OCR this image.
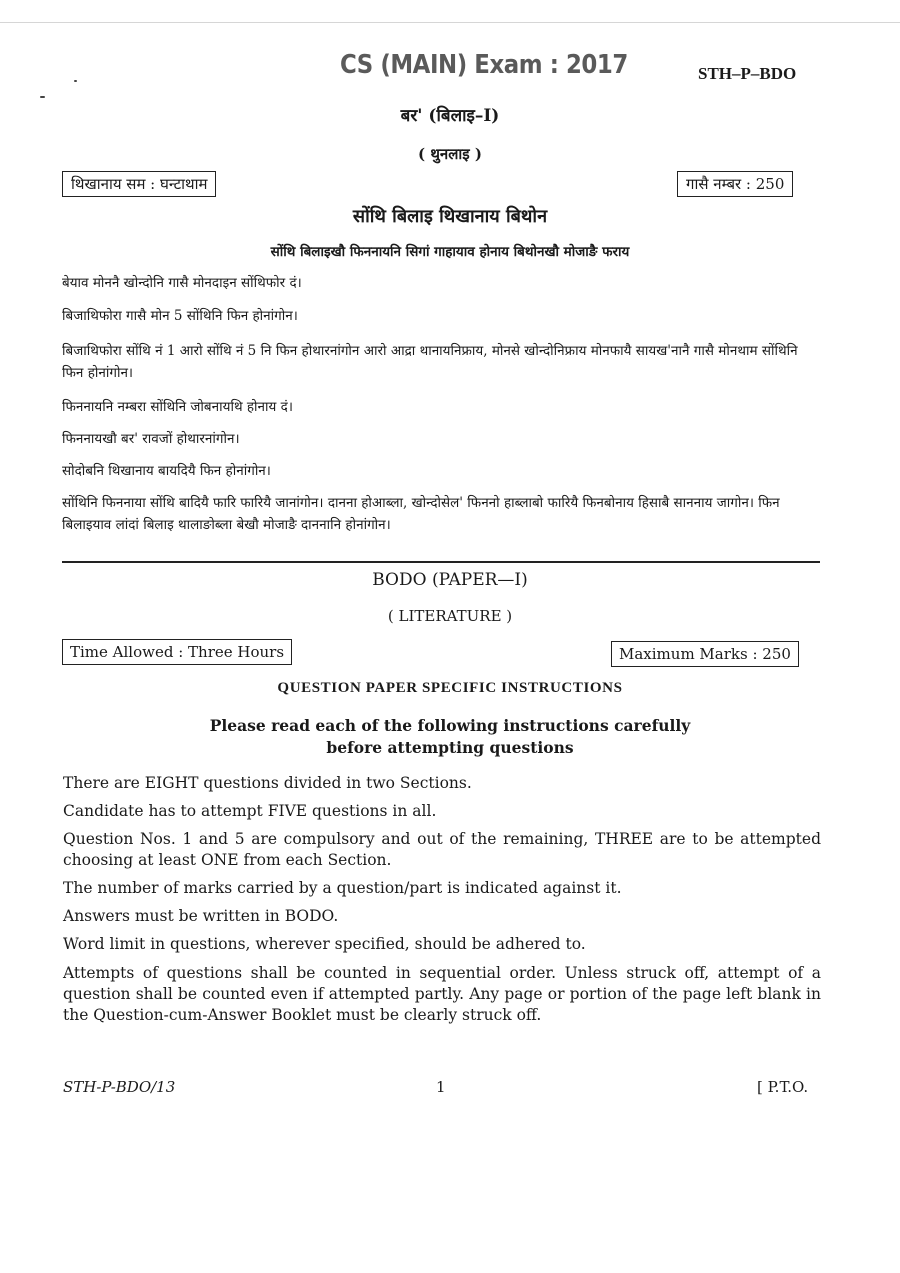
CS (MAIN) Exam : 2017	STH–P–BDO
बर' (बिलाइ–I)
( थुनलाइ )
थिखानाय सम : घन्टाथाम	गासै नम्बर : 250
सोंथि बिलाइ थिखानाय बिथोन
सोंथि बिलाइखौ फिननायनि सिगां गाहायाव होनाय बिथोनखौ मोजाङै फराय

बेयाव मोननै खोन्दोनि गासै मोनदाइन सोंथिफोर दं।

बिजाथिफोरा गासै मोन 5 सोंथिनि फिन होनांगोन।

बिजाथिफोरा सोंथि नं 1 आरो सोंथि नं 5 नि फिन होथारनांगोन आरो आद्रा थानायनिफ्राय, मोनसे खोन्दोनिफ्राय मोनफायै सायख'नानै गासै मोनथाम सोंथिनि फिन होनांगोन।

फिननायनि नम्बरा सोंथिनि जोबनायथि होनाय दं।

फिननायखौ बर' रावजों होथारनांगोन।

सोदोबनि थिखानाय बायदियै फिन होनांगोन।

सोंथिनि फिननाया सोंथि बादियै फारि फारियै जानांगोन। दानना होआब्ला, खोन्दोसेल' फिननो हाब्लाबो फारियै फिनबोनाय हिसाबै साननाय जागोन। फिन बिलाइयाव लांदां बिलाइ थालाङोब्ला बेखौ मोजाङै दाननानि होनांगोन।

BODO (PAPER—I)
( LITERATURE )
Time Allowed : Three Hours	Maximum Marks : 250
QUESTION PAPER SPECIFIC INSTRUCTIONS
Please read each of the following instructions carefully
before attempting questions

There are EIGHT questions divided in two Sections.

Candidate has to attempt FIVE questions in all.

Question Nos. 1 and 5 are compulsory and out of the remaining, THREE are to be attempted choosing at least ONE from each Section.

The number of marks carried by a question/part is indicated against it.

Answers must be written in BODO.

Word limit in questions, wherever specified, should be adhered to.

Attempts of questions shall be counted in sequential order. Unless struck off, attempt of a question shall be counted even if attempted partly. Any page or portion of the page left blank in the Question-cum-Answer Booklet must be clearly struck off.

STH-P-BDO/13	1	[ P.T.O.
